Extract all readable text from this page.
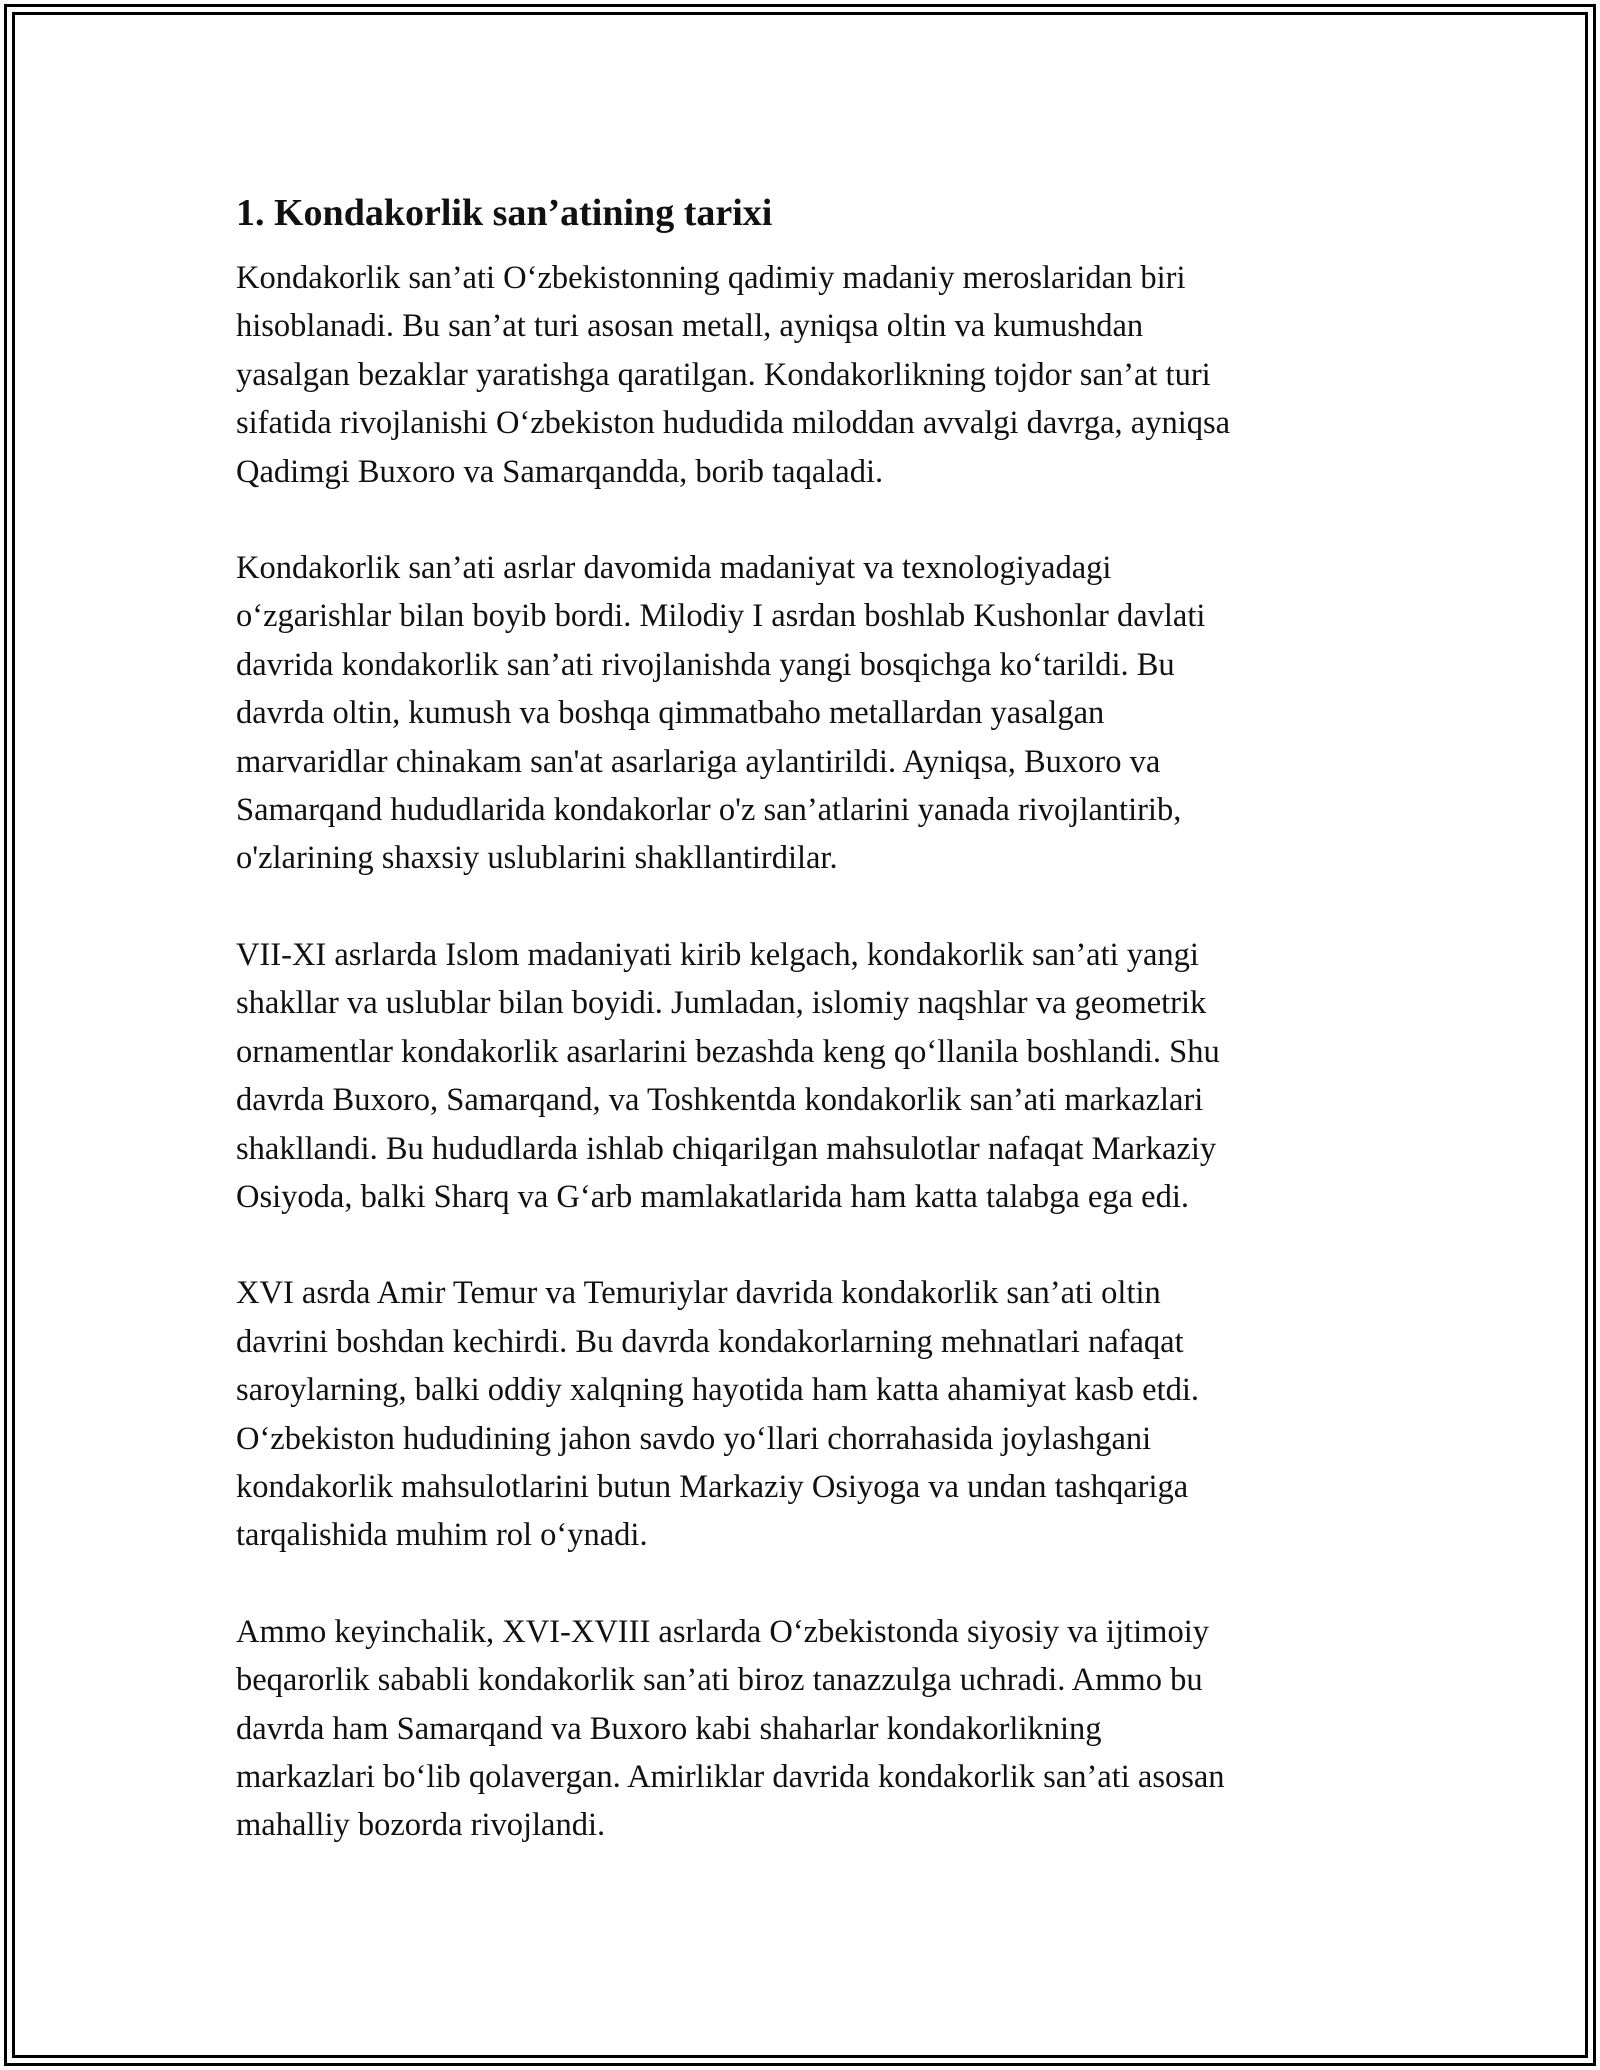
1. Kondakorlik san’atining tarixi

Kondakorlik san’ati O‘zbekistonning qadimiy madaniy meroslaridan biri
hisoblanadi. Bu san’at turi asosan metall, ayniqsa oltin va kumushdan
yasalgan bezaklar yaratishga qaratilgan. Kondakorlikning tojdor san’at turi
sifatida rivojlanishi O‘zbekiston hududida miloddan avvalgi davrga, ayniqsa
Qadimgi Buxoro va Samarqandda, borib taqaladi.

Kondakorlik san’ati asrlar davomida madaniyat va texnologiyadagi
o‘zgarishlar bilan boyib bordi. Milodiy I asrdan boshlab Kushonlar davlati
davrida kondakorlik san’ati rivojlanishda yangi bosqichga ko‘tarildi. Bu
davrda oltin, kumush va boshqa qimmatbaho metallardan yasalgan
marvaridlar chinakam san'at asarlariga aylantirildi. Ayniqsa, Buxoro va
Samarqand hududlarida kondakorlar o'z san’atlarini yanada rivojlantirib,
o'zlarining shaxsiy uslublarini shakllantirdilar.

VII-XI asrlarda Islom madaniyati kirib kelgach, kondakorlik san’ati yangi
shakllar va uslublar bilan boyidi. Jumladan, islomiy naqshlar va geometrik
ornamentlar kondakorlik asarlarini bezashda keng qo‘llanila boshlandi. Shu
davrda Buxoro, Samarqand, va Toshkentda kondakorlik san’ati markazlari
shakllandi. Bu hududlarda ishlab chiqarilgan mahsulotlar nafaqat Markaziy
Osiyoda, balki Sharq va G‘arb mamlakatlarida ham katta talabga ega edi.

XVI asrda Amir Temur va Temuriylar davrida kondakorlik san’ati oltin
davrini boshdan kechirdi. Bu davrda kondakorlarning mehnatlari nafaqat
saroylarning, balki oddiy xalqning hayotida ham katta ahamiyat kasb etdi.
O‘zbekiston hududining jahon savdo yo‘llari chorrahasida joylashgani
kondakorlik mahsulotlarini butun Markaziy Osiyoga va undan tashqariga
tarqalishida muhim rol o‘ynadi.

Ammo keyinchalik, XVI-XVIII asrlarda O‘zbekistonda siyosiy va ijtimoiy
beqarorlik sababli kondakorlik san’ati biroz tanazzulga uchradi. Ammo bu
davrda ham Samarqand va Buxoro kabi shaharlar kondakorlikning
markazlari bo‘lib qolavergan. Amirliklar davrida kondakorlik san’ati asosan
mahalliy bozorda rivojlandi.
